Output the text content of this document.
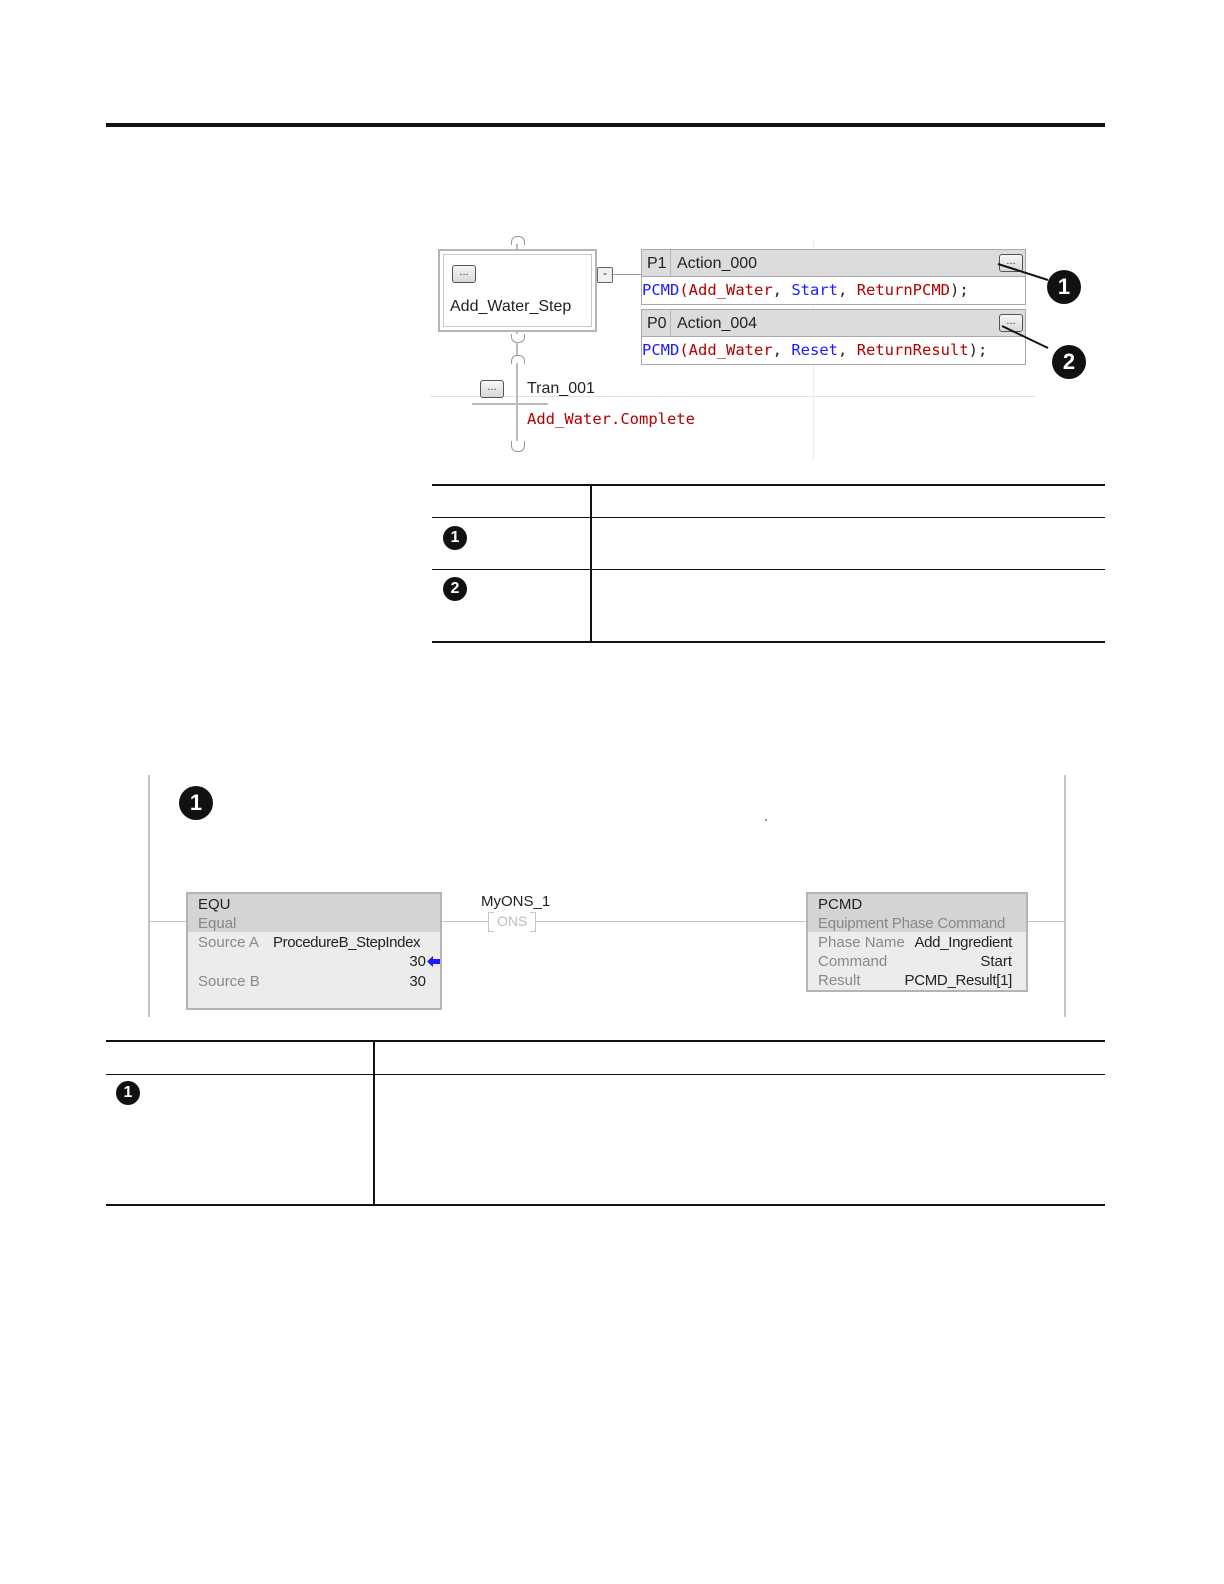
...
Add_Water_Step
-
...	Tran_001
Add_Water.Complete
P1 Action_000	...
PCMD(Add_Water, Start, ReturnPCMD);
P0 Action_004	...
PCMD(Add_Water, Reset, ReturnResult);
1
2
1
2
1
EQU
Equal
Source A ProcedureB_StepIndex
30
Source B	30
MyONS_1
ONS
PCMD
Equipment Phase Command
Phase Name Add_Ingredient
Command	Start
Result	PCMD_Result[1]
1
